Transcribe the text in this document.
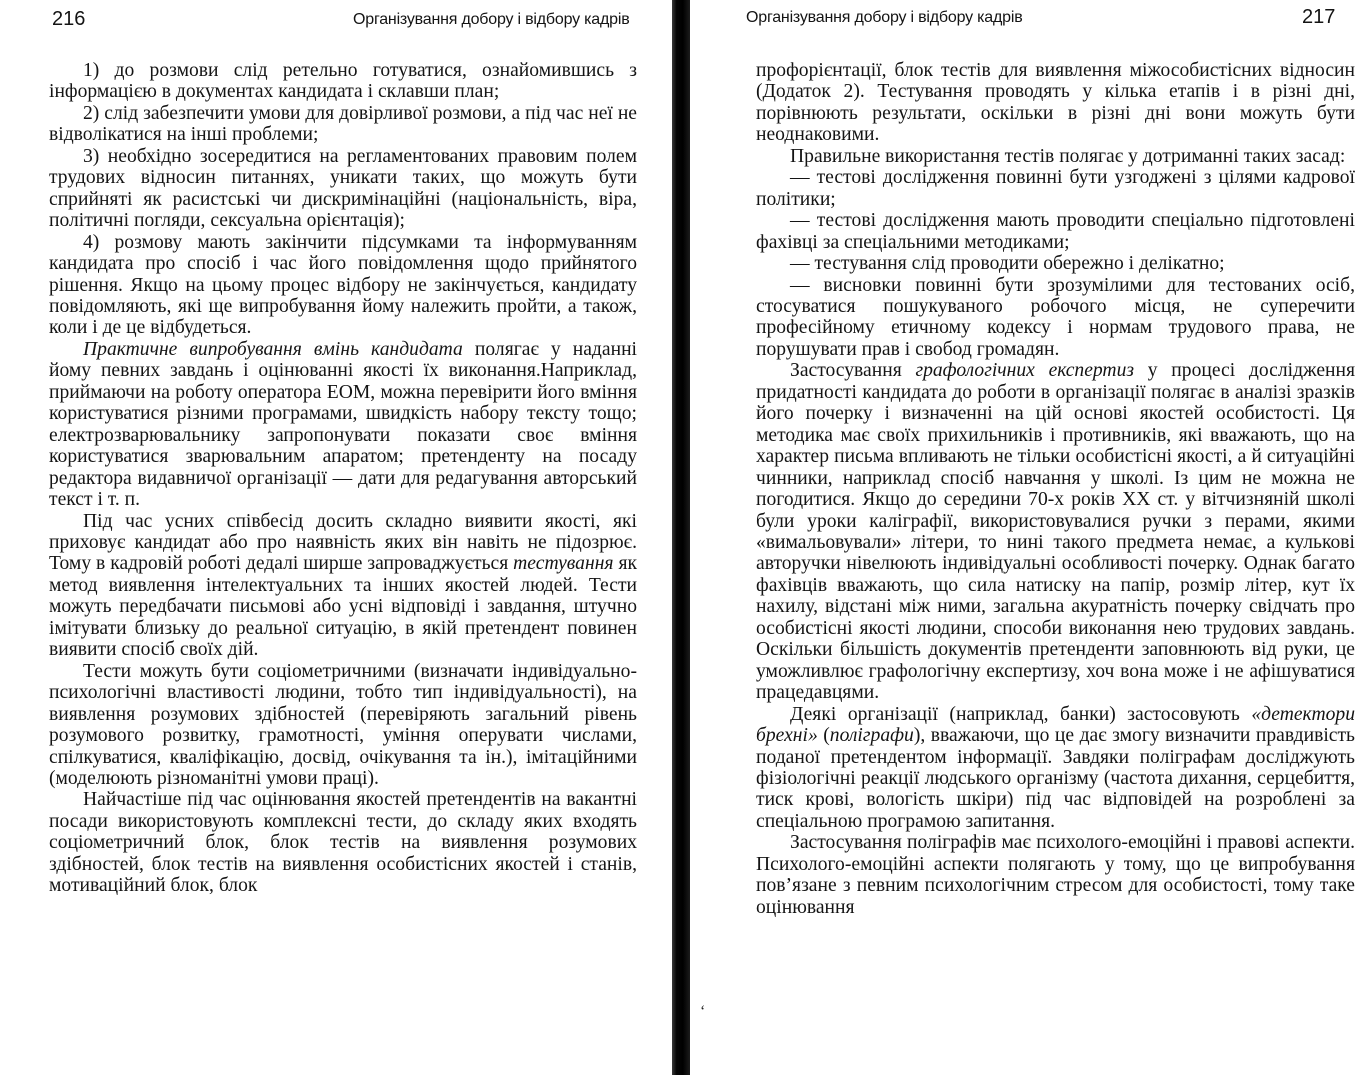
216	Організування добору і відбору кадрів

1) до розмови слід ретельно готуватися, ознайомившись з інформацією в документах кандидата і склавши план;

2) слід забезпечити умови для довірливої розмови, а під час неї не відволікатися на інші проблеми;

3) необхідно зосередитися на регламентованих правовим полем трудових відносин питаннях, уникати таких, що можуть бути сприйняті як расистські чи дискримінаційні (національність, віра, політичні погляди, сексуальна орієнтація);

4) розмову мають закінчити підсумками та інформуванням кандидата про спосіб і час його повідомлення щодо прийнятого рішення. Якщо на цьому процес відбору не закінчується, кандидату повідомляють, які ще випробування йому належить пройти, а також, коли і де це відбудеться.

Практичне випробування вмінь кандидата полягає у наданні йому певних завдань і оцінюванні якості їх виконання.Наприклад, приймаючи на роботу оператора ЕОМ, можна перевірити його вміння користуватися різними програмами, швидкість набору тексту тощо; електрозварювальнику запропонувати показати своє вміння користуватися зварювальним апаратом; претенденту на посаду редактора видавничої організації — дати для редагування авторський текст і т. п.

Під час усних співбесід досить складно виявити якості, які приховує кандидат або про наявність яких він навіть не підозрює. Тому в кадровій роботі дедалі ширше запроваджується тестування як метод виявлення інтелектуальних та інших якостей людей. Тести можуть передбачати письмові або усні відповіді і завдання, штучно імітувати близьку до реальної ситуацію, в якій претендент повинен виявити спосіб своїх дій.

Тести можуть бути соціометричними (визначати індивідуально-психологічні властивості людини, тобто тип індивідуальності), на виявлення розумових здібностей (перевіряють загальний рівень розумового розвитку, грамотності, уміння оперувати числами, спілкуватися, кваліфікацію, досвід, очікування та ін.), імітаційними (моделюють різноманітні умови праці).

Найчастіше під час оцінювання якостей претендентів на вакантні посади використовують комплексні тести, до складу яких входять соціометричний блок, блок тестів на виявлення розумових здібностей, блок тестів на виявлення особистісних якостей і станів, мотиваційний блок, блок

Організування добору і відбору кадрів	217

профорієнтації, блок тестів для виявлення міжособистісних відносин (Додаток 2). Тестування проводять у кілька етапів і в різні дні, порівнюють результати, оскільки в різні дні вони можуть бути неоднаковими.

Правильне використання тестів полягає у дотриманні таких засад:

— тестові дослідження повинні бути узгоджені з цілями кадрової політики;

— тестові дослідження мають проводити спеціально підготовлені фахівці за спеціальними методиками;

— тестування слід проводити обережно і делікатно;

— висновки повинні бути зрозумілими для тестованих осіб, стосуватися пошукуваного робочого місця, не суперечити професійному етичному кодексу і нормам трудового права, не порушувати прав і свобод громадян.

Застосування графологічних експертиз у процесі дослідження придатності кандидата до роботи в організації полягає в аналізі зразків його почерку і визначенні на цій основі якостей особистості. Ця методика має своїх прихильників і противників, які вважають, що на характер письма впливають не тільки особистісні якості, а й ситуаційні чинники, наприклад спосіб навчання у школі. Із цим не можна не погодитися. Якщо до середини 70-х років XX ст. у вітчизняній школі були уроки каліграфії, використовувалися ручки з перами, якими «вимальовували» літери, то нині такого предмета немає, а кулькові авторучки нівелюють індивідуальні особливості почерку. Однак багато фахівців вважають, що сила натиску на папір, розмір літер, кут їх нахилу, відстані між ними, загальна акуратність почерку свідчать про особистісні якості людини, способи виконання нею трудових завдань. Оскільки більшість документів претенденти заповнюють від руки, це уможливлює графологічну експертизу, хоч вона може і не афішуватися працедавцями.

Деякі організації (наприклад, банки) застосовують «детектори брехні» (поліграфи), вважаючи, що це дає змогу визначити правдивість поданої претендентом інформації. Завдяки поліграфам досліджують фізіологічні реакції людського організму (частота дихання, серцебиття, тиск крові, вологість шкіри) під час відповідей на розроблені за спеціальною програмою запитання.

Застосування поліграфів має психолого-емоційні і правові аспекти. Психолого-емоційні аспекти полягають у тому, що це випробування пов’язане з певним психологічним стресом для особистості, тому таке оцінювання

‘
